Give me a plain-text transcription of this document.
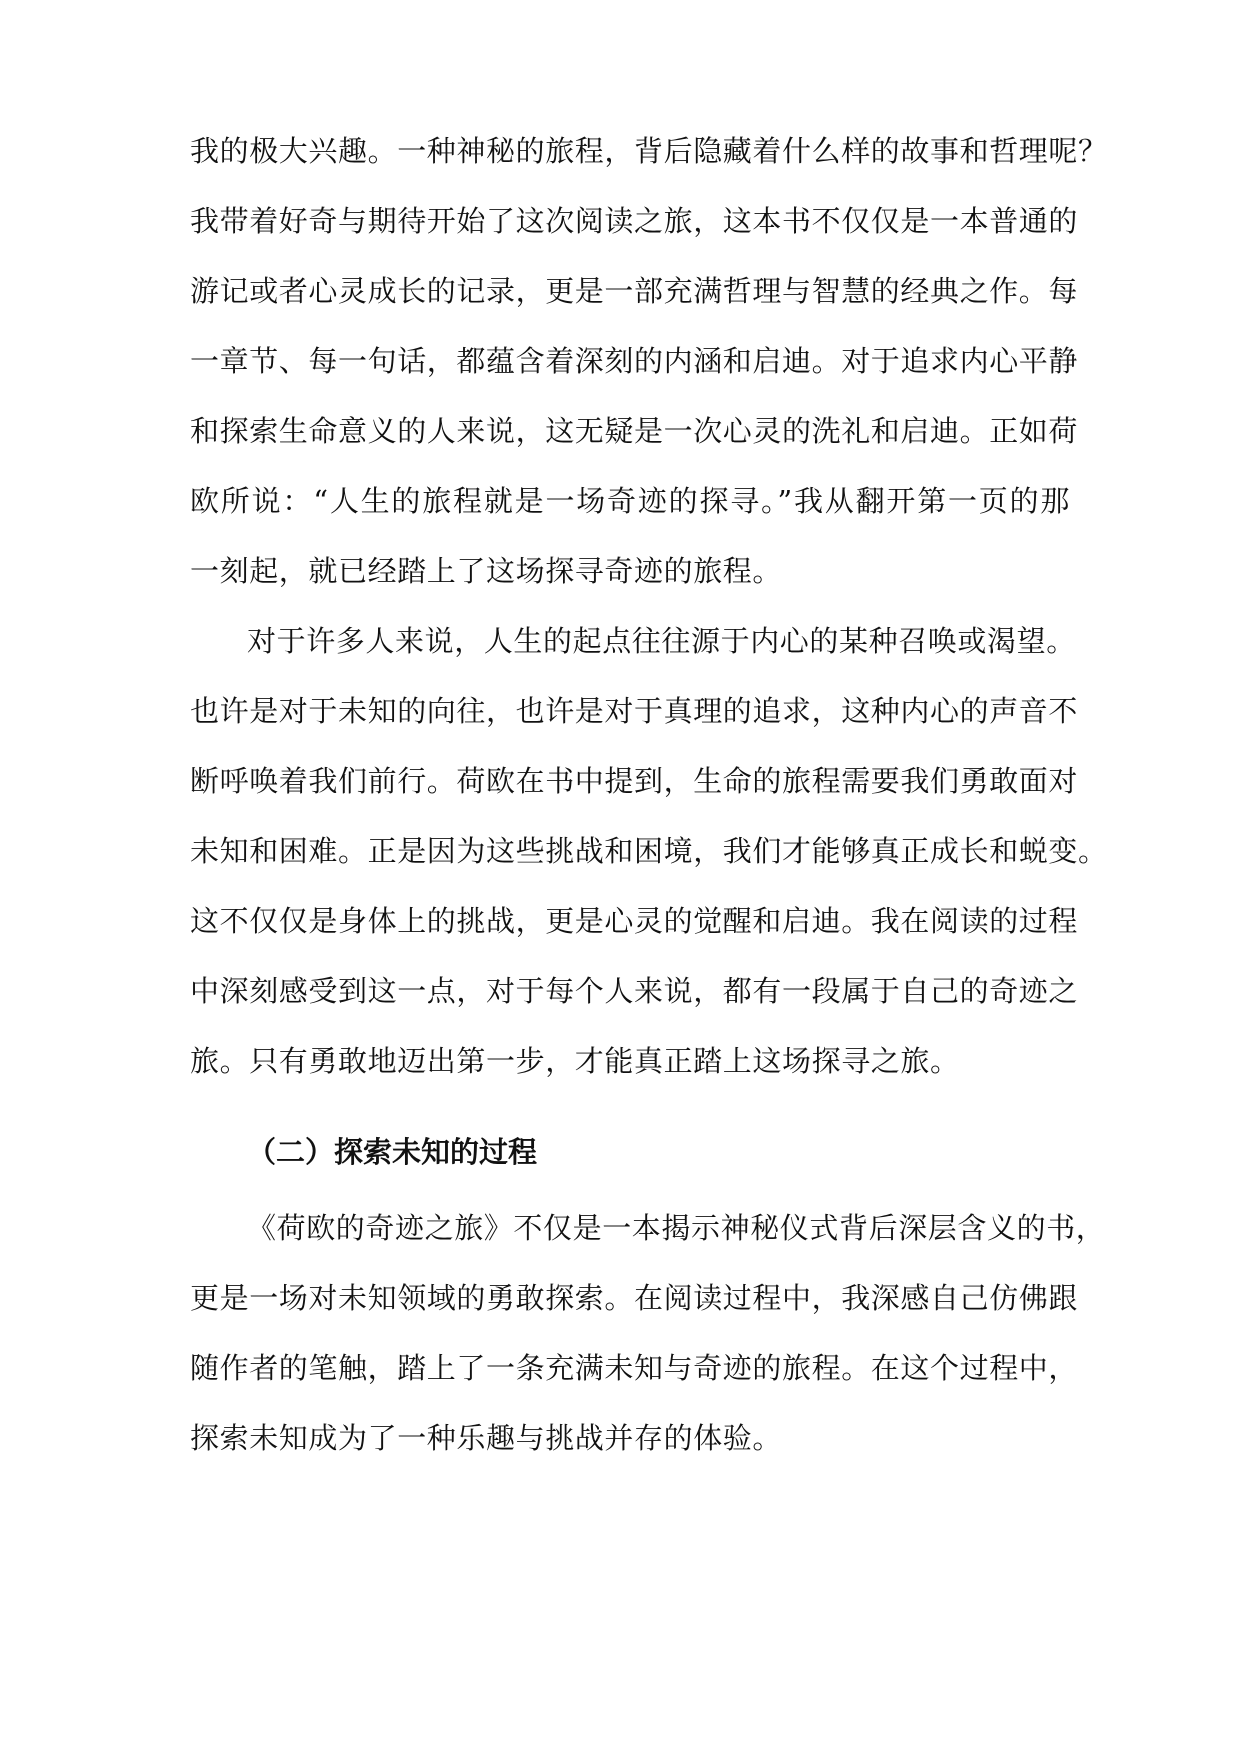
我的极大兴趣。一种神秘的旅程，背后隐藏着什么样的故事和哲理呢？
我带着好奇与期待开始了这次阅读之旅，这本书不仅仅是一本普通的
游记或者心灵成长的记录，更是一部充满哲理与智慧的经典之作。每
一章节、每一句话，都蕴含着深刻的内涵和启迪。对于追求内心平静
和探索生命意义的人来说，这无疑是一次心灵的洗礼和启迪。正如荷
欧所说：“人生的旅程就是一场奇迹的探寻。”我从翻开第一页的那
一刻起，就已经踏上了这场探寻奇迹的旅程。
对于许多人来说，人生的起点往往源于内心的某种召唤或渴望。
也许是对于未知的向往，也许是对于真理的追求，这种内心的声音不
断呼唤着我们前行。荷欧在书中提到，生命的旅程需要我们勇敢面对
未知和困难。正是因为这些挑战和困境，我们才能够真正成长和蜕变。
这不仅仅是身体上的挑战，更是心灵的觉醒和启迪。我在阅读的过程
中深刻感受到这一点，对于每个人来说，都有一段属于自己的奇迹之
旅。只有勇敢地迈出第一步，才能真正踏上这场探寻之旅。
（二）探索未知的过程
《荷欧的奇迹之旅》不仅是一本揭示神秘仪式背后深层含义的书，
更是一场对未知领域的勇敢探索。在阅读过程中，我深感自己仿佛跟
随作者的笔触，踏上了一条充满未知与奇迹的旅程。在这个过程中，
探索未知成为了一种乐趣与挑战并存的体验。
